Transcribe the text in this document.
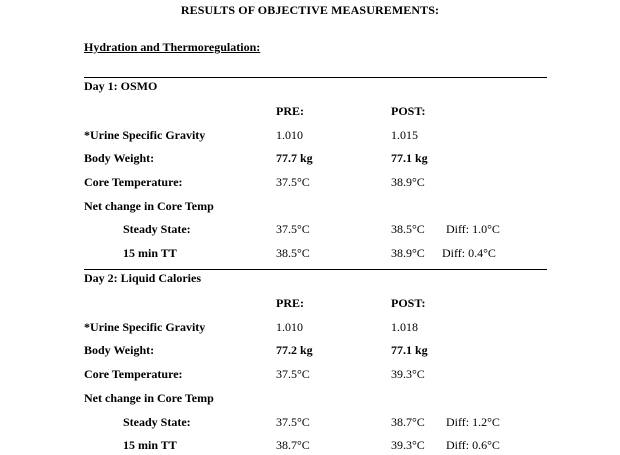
RESULTS OF OBJECTIVE MEASUREMENTS:
Hydration and Thermoregulation:
Day 1: OSMO
PRE:	POST:
*Urine Specific Gravity	1.010	1.015
Body Weight:	77.7 kg	77.1 kg
Core Temperature:	37.5°C	38.9°C
Net change in Core Temp
Steady State:	37.5°C	38.5°C Diff: 1.0°C
15 min TT	38.5°C	38.9°C Diff: 0.4°C
Day 2: Liquid Calories
PRE:	POST:
*Urine Specific Gravity	1.010	1.018
Body Weight:	77.2 kg	77.1 kg
Core Temperature:	37.5°C	39.3°C
Net change in Core Temp
Steady State:	37.5°C	38.7°C Diff: 1.2°C
15 min TT	38.7°C	39.3°C Diff: 0.6°C
